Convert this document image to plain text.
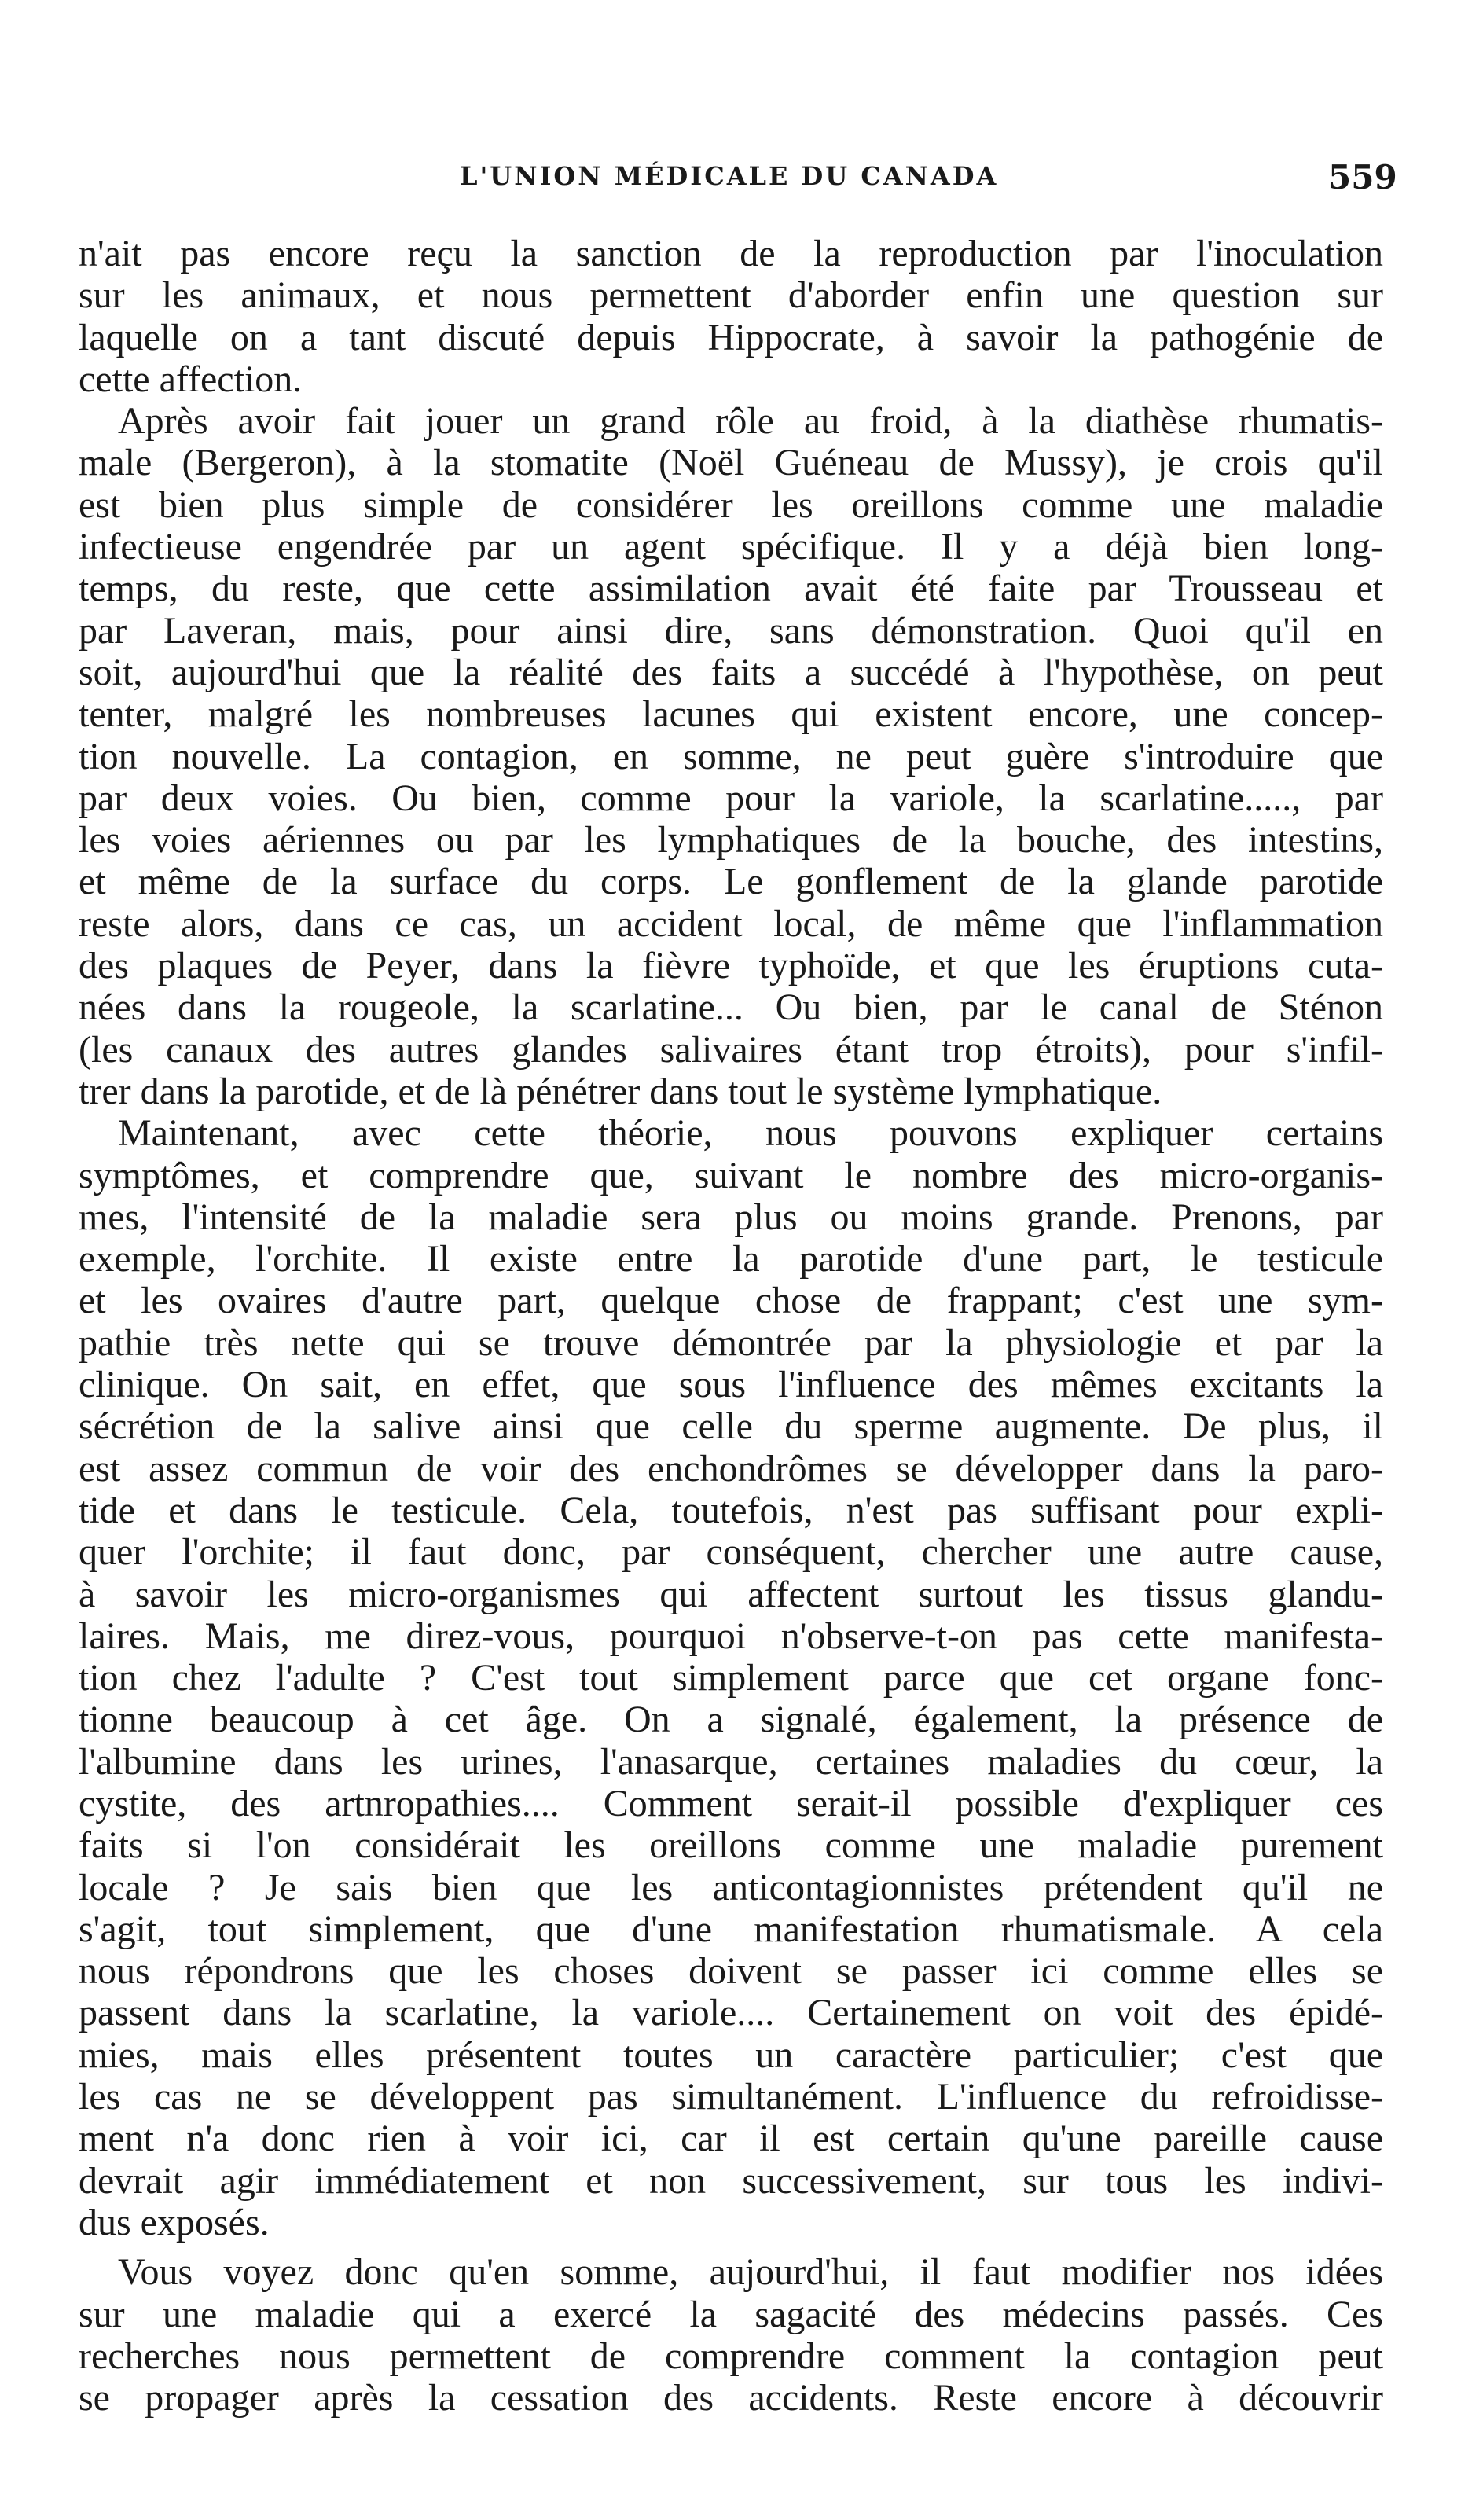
L'UNION MÉDICALE DU CANADA	559
n'ait pas encore reçu la sanction de la reproduction par l'inoculation
sur les animaux, et nous permettent d'aborder enfin une question sur
laquelle on a tant discuté depuis Hippocrate, à savoir la pathogénie de
cette affection.
Après avoir fait jouer un grand rôle au froid, à la diathèse rhumatis-
male (Bergeron), à la stomatite (Noël Guéneau de Mussy), je crois qu'il
est bien plus simple de considérer les oreillons comme une maladie
infectieuse engendrée par un agent spécifique. Il y a déjà bien long-
temps, du reste, que cette assimilation avait été faite par Trousseau et
par Laveran, mais, pour ainsi dire, sans démonstration. Quoi qu'il en
soit, aujourd'hui que la réalité des faits a succédé à l'hypothèse, on peut
tenter, malgré les nombreuses lacunes qui existent encore, une concep-
tion nouvelle. La contagion, en somme, ne peut guère s'introduire que
par deux voies. Ou bien, comme pour la variole, la scarlatine....., par
les voies aériennes ou par les lymphatiques de la bouche, des intestins,
et même de la surface du corps. Le gonflement de la glande parotide
reste alors, dans ce cas, un accident local, de même que l'inflammation
des plaques de Peyer, dans la fièvre typhoïde, et que les éruptions cuta-
nées dans la rougeole, la scarlatine... Ou bien, par le canal de Sténon
(les canaux des autres glandes salivaires étant trop étroits), pour s'infil-
trer dans la parotide, et de là pénétrer dans tout le système lymphatique.
Maintenant, avec cette théorie, nous pouvons expliquer certains
symptômes, et comprendre que, suivant le nombre des micro-organis-
mes, l'intensité de la maladie sera plus ou moins grande. Prenons, par
exemple, l'orchite. Il existe entre la parotide d'une part, le testicule
et les ovaires d'autre part, quelque chose de frappant; c'est une sym-
pathie très nette qui se trouve démontrée par la physiologie et par la
clinique. On sait, en effet, que sous l'influence des mêmes excitants la
sécrétion de la salive ainsi que celle du sperme augmente. De plus, il
est assez commun de voir des enchondrômes se développer dans la paro-
tide et dans le testicule. Cela, toutefois, n'est pas suffisant pour expli-
quer l'orchite; il faut donc, par conséquent, chercher une autre cause,
à savoir les micro-organismes qui affectent surtout les tissus glandu-
laires. Mais, me direz-vous, pourquoi n'observe-t-on pas cette manifesta-
tion chez l'adulte ? C'est tout simplement parce que cet organe fonc-
tionne beaucoup à cet âge. On a signalé, également, la présence de
l'albumine dans les urines, l'anasarque, certaines maladies du cœur, la
cystite, des artnropathies.... Comment serait-il possible d'expliquer ces
faits si l'on considérait les oreillons comme une maladie purement
locale ? Je sais bien que les anticontagionnistes prétendent qu'il ne
s'agit, tout simplement, que d'une manifestation rhumatismale. A cela
nous répondrons que les choses doivent se passer ici comme elles se
passent dans la scarlatine, la variole.... Certainement on voit des épidé-
mies, mais elles présentent toutes un caractère particulier; c'est que
les cas ne se développent pas simultanément. L'influence du refroidisse-
ment n'a donc rien à voir ici, car il est certain qu'une pareille cause
devrait agir immédiatement et non successivement, sur tous les indivi-
dus exposés.
Vous voyez donc qu'en somme, aujourd'hui, il faut modifier nos idées
sur une maladie qui a exercé la sagacité des médecins passés. Ces
recherches nous permettent de comprendre comment la contagion peut
se propager après la cessation des accidents. Reste encore à découvrir
